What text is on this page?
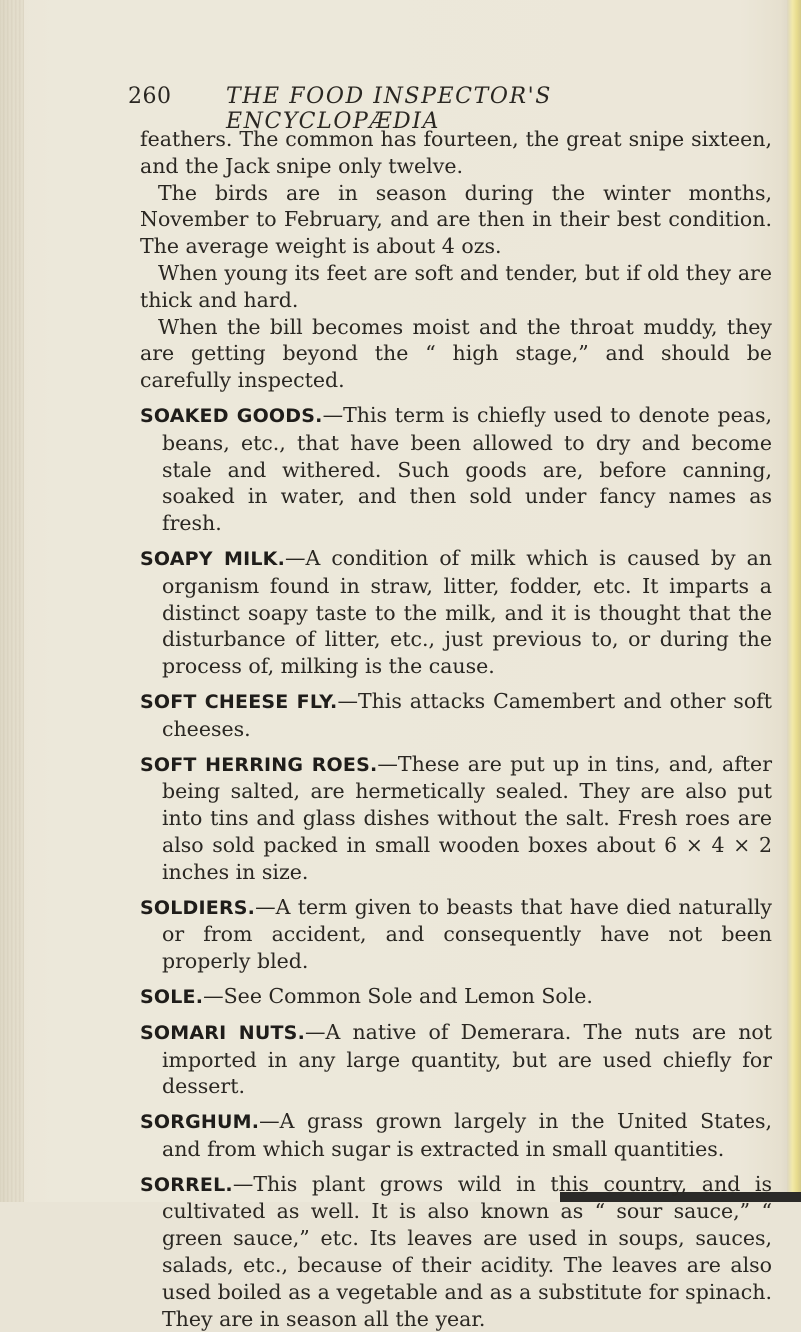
260 THE FOOD INSPECTOR'S ENCYCLOPÆDIA

feathers. The common has fourteen, the great snipe sixteen, and the Jack snipe only twelve.

The birds are in season during the winter months, November to February, and are then in their best condition. The average weight is about 4 ozs.

When young its feet are soft and tender, but if old they are thick and hard.

When the bill becomes moist and the throat muddy, they are getting beyond the “ high stage,” and should be carefully inspected.

SOAKED GOODS.—This term is chiefly used to denote peas, beans, etc., that have been allowed to dry and become stale and withered. Such goods are, before canning, soaked in water, and then sold under fancy names as fresh.

SOAPY MILK.—A condition of milk which is caused by an organism found in straw, litter, fodder, etc. It imparts a distinct soapy taste to the milk, and it is thought that the disturbance of litter, etc., just previous to, or during the process of, milking is the cause.

SOFT CHEESE FLY.—This attacks Camembert and other soft cheeses.

SOFT HERRING ROES.—These are put up in tins, and, after being salted, are hermetically sealed. They are also put into tins and glass dishes without the salt. Fresh roes are also sold packed in small wooden boxes about 6 × 4 × 2 inches in size.

SOLDIERS.—A term given to beasts that have died naturally or from accident, and consequently have not been properly bled.

SOLE.—See Common Sole and Lemon Sole.

SOMARI NUTS.—A native of Demerara. The nuts are not imported in any large quantity, but are used chiefly for dessert.

SORGHUM.—A grass grown largely in the United States, and from which sugar is extracted in small quantities.

SORREL.—This plant grows wild in this country, and is cultivated as well. It is also known as “ sour sauce,” “ green sauce,” etc. Its leaves are used in soups, sauces, salads, etc., because of their acidity. The leaves are also used boiled as a vegetable and as a substitute for spinach. They are in season all the year.
